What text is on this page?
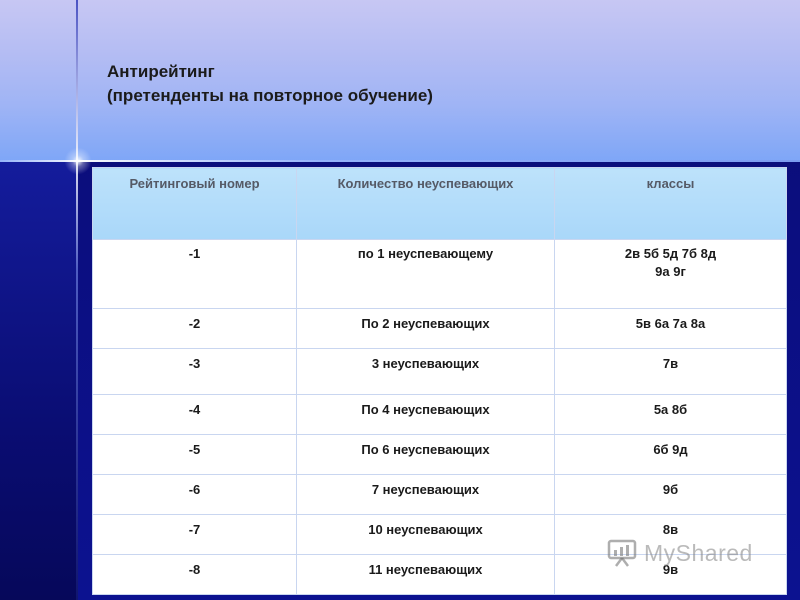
Антирейтинг
(претенденты на повторное обучение)
Рейтинговый номер	Количество неуспевающих	классы
-1	по 1 неуспевающему	2в 5б 5д 7б 8д
9а 9г

-2	По 2 неуспевающих	5в 6а 7а 8а
-3	3 неуспевающих	7в
-4	По 4 неуспевающих	5а 8б
-5	По 6 неуспевающих	6б 9д
-6	7 неуспевающих	9б
-7	10 неуспевающих	8в
-8	11 неуспевающих	9в
MyShared
